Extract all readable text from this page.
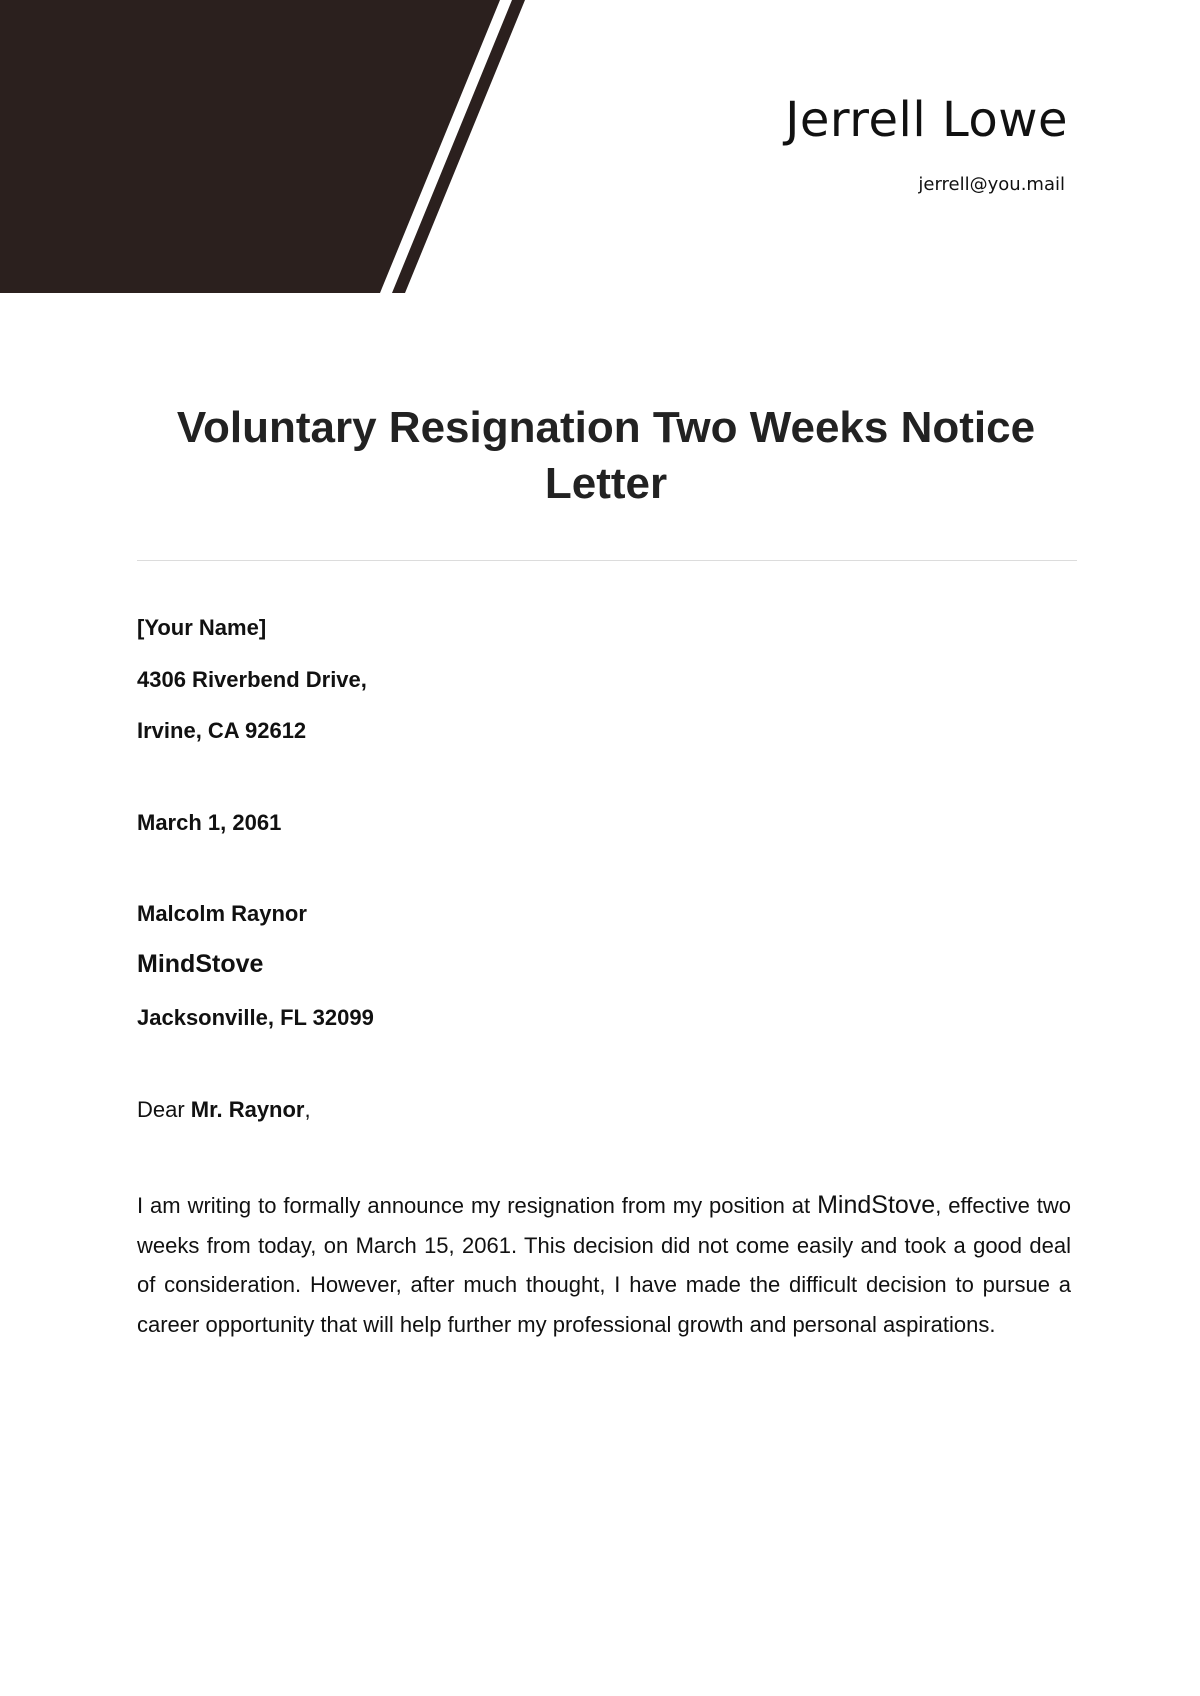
Jerrell Lowe
jerrell@you.mail
Voluntary Resignation Two Weeks Notice Letter

[Your Name]

4306 Riverbend Drive,

Irvine, CA 92612

March 1, 2061

Malcolm Raynor

MindStove

Jacksonville, FL 32099

Dear Mr. Raynor,

I am writing to formally announce my resignation from my position at MindStove, effective two weeks from today, on March 15, 2061. This decision did not come easily and took a good deal of consideration. However, after much thought, I have made the difficult decision to pursue a career opportunity that will help further my professional growth and personal aspirations.
